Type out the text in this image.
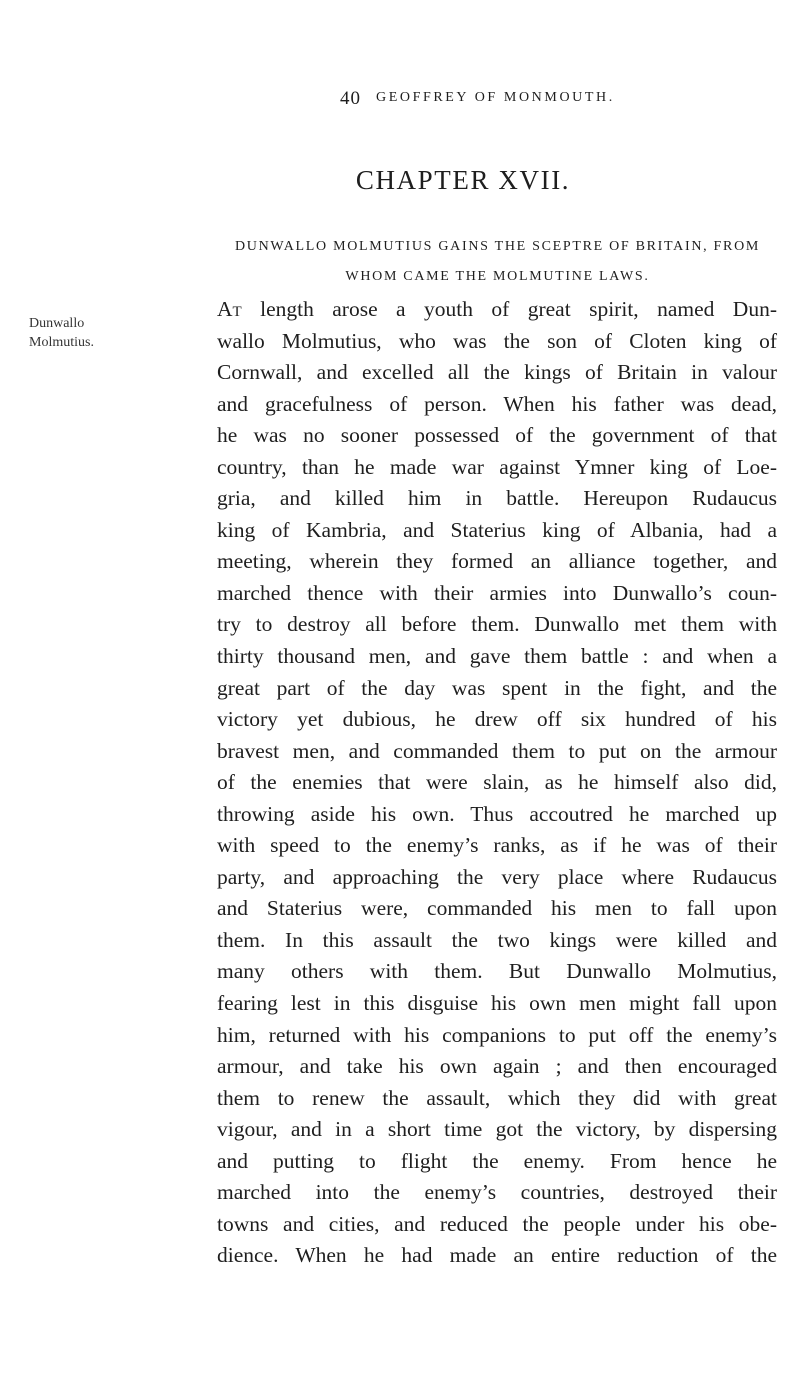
40 GEOFFREY OF MONMOUTH.
CHAPTER XVII.
DUNWALLO MOLMUTIUS GAINS THE SCEPTRE OF BRITAIN, FROM
WHOM CAME THE MOLMUTINE LAWS.
Dunwallo
Molmutius.
At length arose a youth of great spirit, named Dun-
wallo Molmutius, who was the son of Cloten king of
Cornwall, and excelled all the kings of Britain in valour
and gracefulness of person. When his father was dead,
he was no sooner possessed of the government of that
country, than he made war against Ymner king of Loe-
gria, and killed him in battle. Hereupon Rudaucus
king of Kambria, and Staterius king of Albania, had a
meeting, wherein they formed an alliance together, and
marched thence with their armies into Dunwallo’s coun-
try to destroy all before them. Dunwallo met them with
thirty thousand men, and gave them battle : and when a
great part of the day was spent in the fight, and the
victory yet dubious, he drew off six hundred of his
bravest men, and commanded them to put on the armour
of the enemies that were slain, as he himself also did,
throwing aside his own. Thus accoutred he marched up
with speed to the enemy’s ranks, as if he was of their
party, and approaching the very place where Rudaucus
and Staterius were, commanded his men to fall upon
them. In this assault the two kings were killed and
many others with them. But Dunwallo Molmutius,
fearing lest in this disguise his own men might fall upon
him, returned with his companions to put off the enemy’s
armour, and take his own again ; and then encouraged
them to renew the assault, which they did with great
vigour, and in a short time got the victory, by dispersing
and putting to flight the enemy. From hence he
marched into the enemy’s countries, destroyed their
towns and cities, and reduced the people under his obe-
dience. When he had made an entire reduction of the
